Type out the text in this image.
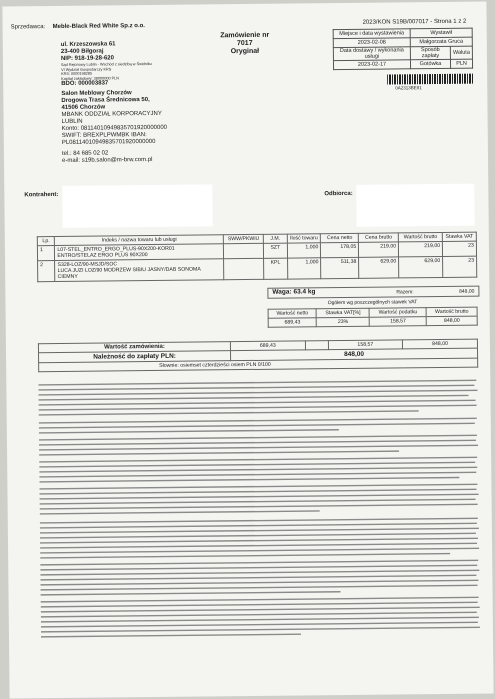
Sprzedawca: Meble-Black Red White Sp.z o.o.
Zamówienie nr
7017
Oryginał
2023/KON S19B/007017 - Strona 1 z 2
Miejsce i data wystawienia	Wystawił	
2023-02-08	Małgorzata Gruca	
Data dostawy / wykonania usługi	Sposób zapłaty	Waluta
2023-02-17	Gotówka	PLN
0A2313BE81
ul. Krzeszowska 61
23-400 Biłgoraj
NIP: 918-19-28-620
Sąd Rejonowy Lublin - Wschód z siedzibą w Świdniku
VI Wydział Gospodarczy KRS
KRS: 0000198285
Kapitał zakładowy: 38000000 PLN
BDO: 000003837
Salon Meblowy Chorzów
Drogowa Trasa Średnicowa 50,
41506 Chorzów
MBANK ODDZIAŁ KORPORACYJNY
LUBLIN
Konto: 08114010949835701920000000
SWIFT: BREXPLPWMBK IBAN:
PL08114010949835701920000000
tel.: 84 685 02 02
e-mail: s19b.salon@m-brw.com.pl
Kontrahent:	Odbiorca:
Lp.	Indeks / nazwa towaru lub usługi	SWW/PKWiU	J.M.	Ilość towaru	Cena netto	Cena brutto	Wartość brutto	Stawka VAT
1	L07-STEL_ENTRO_ERGO_PLUS-90X200-KOR01
ENTRO/STELAZ ERGO PLUS 90X200		SZT	1,000	178,05	219,00	219,00	23
2	S328-LOZ/90-MSJD/SOC
LUCA JUZI LOZ/90 MODRZEW SIBIU JASNY/DAB SONOMA CIEMNY		KPL	1,000	511,38	629,00	629,00	23
Waga: 63.4 kg	Razem:	848,00
Ogółem wg poszczególnych stawek VAT
Wartość netto	Stawka VAT[%]	Wartość podatku	Wartość brutto
689,43	23%	158,57	848,00
Wartość zamówienia:	689,43		158,57	848,00
Należność do zapłaty PLN:	848,00			
Słownie: osiemset czterdzieści osiem PLN 0/100				
